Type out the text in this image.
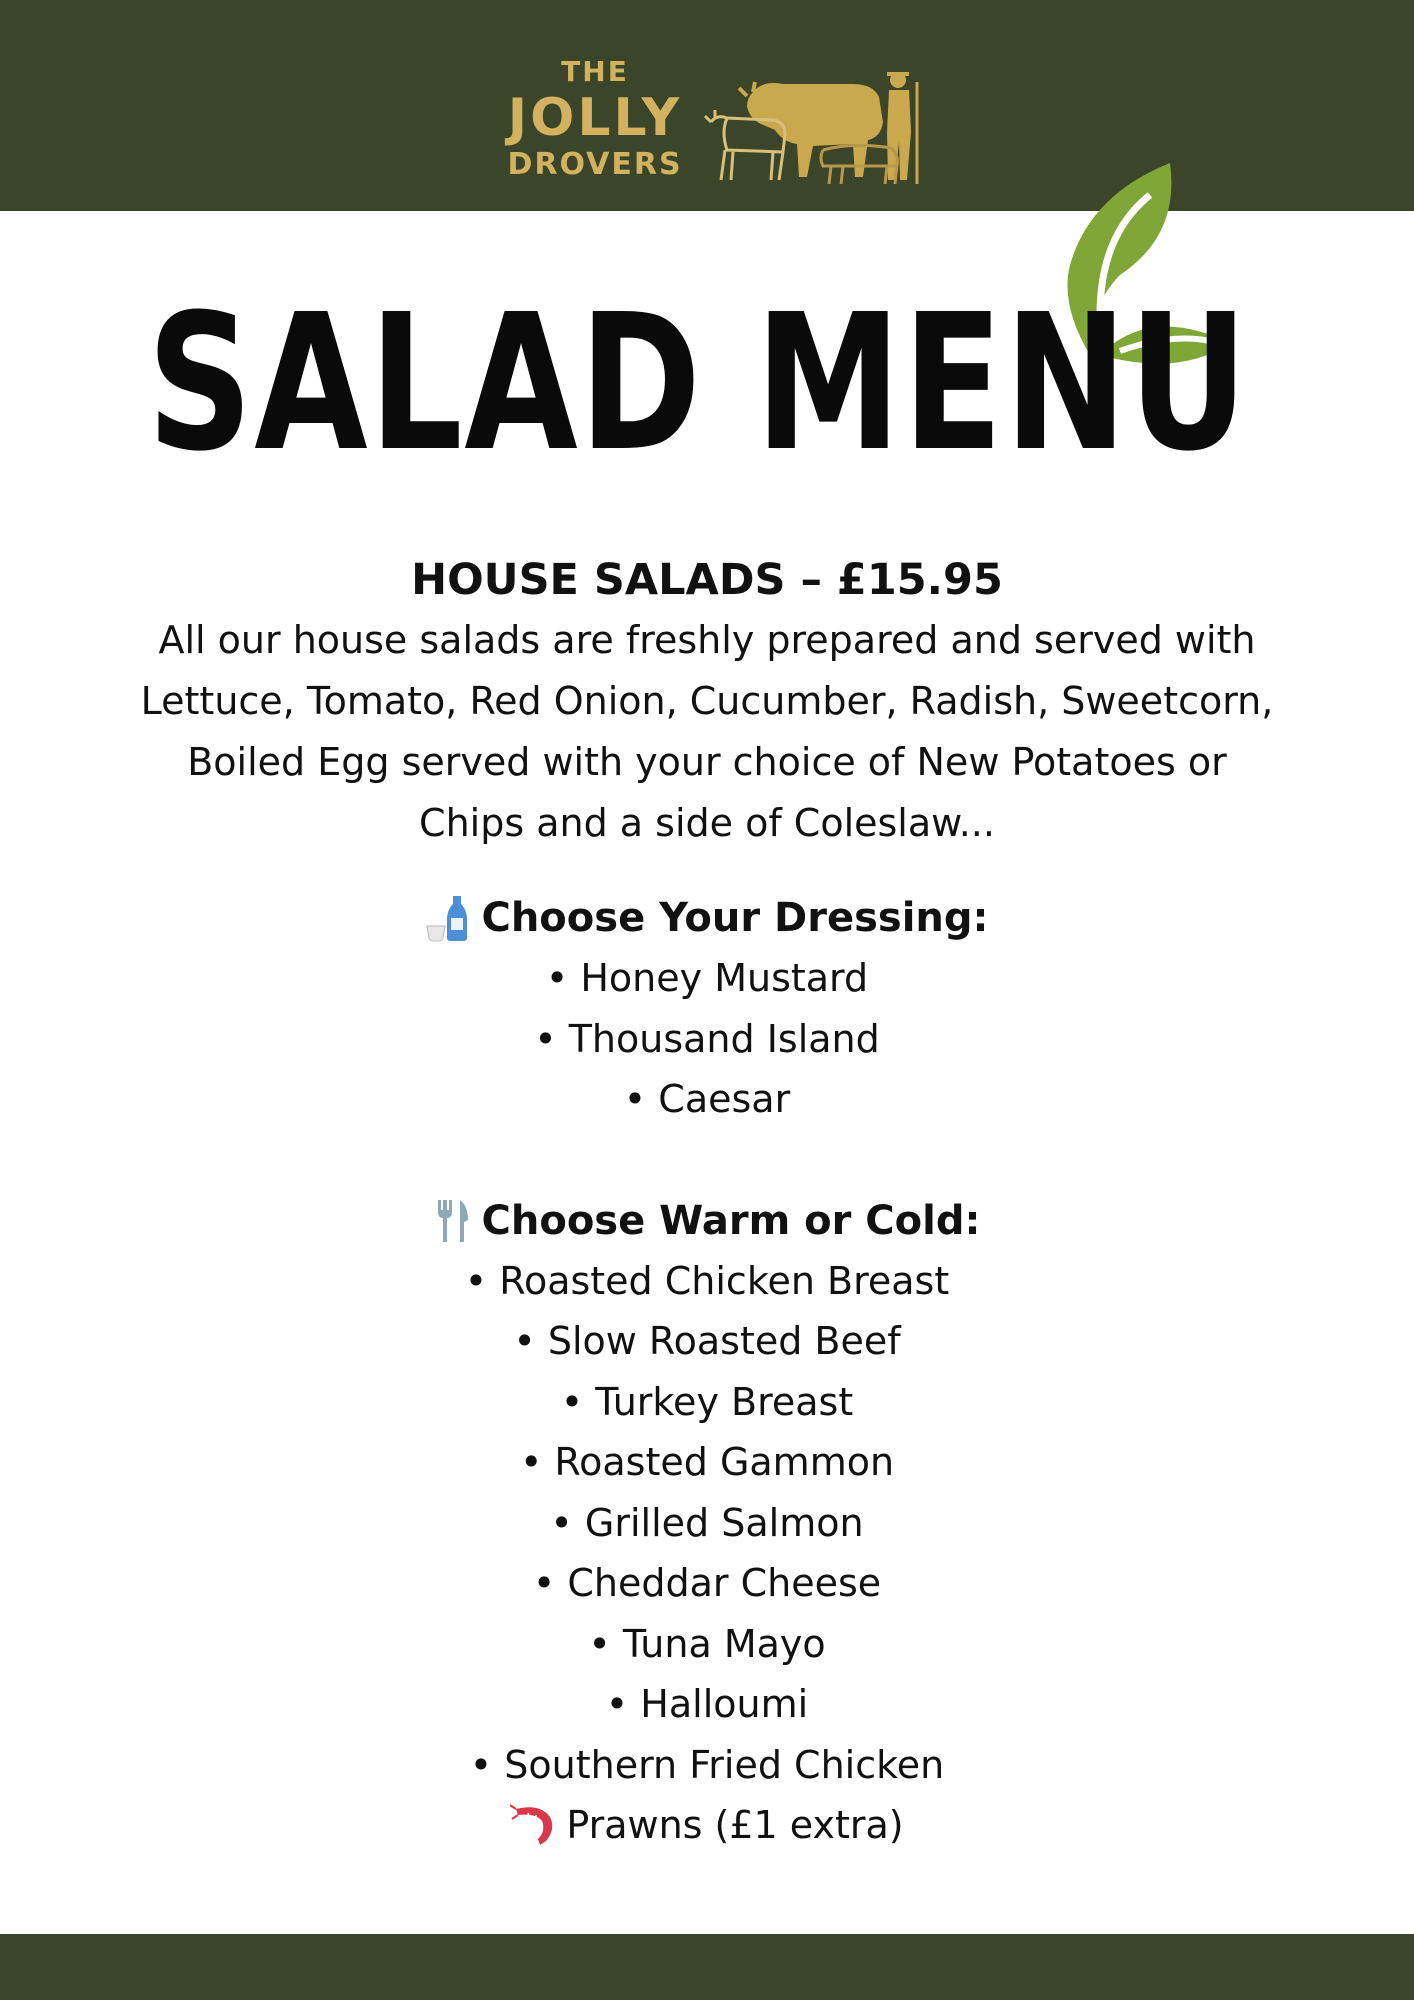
THE
JOLLY
DROVERS
SALAD MENU
HOUSE SALADS – £15.95

All our house salads are freshly prepared and served with Lettuce, Tomato, Red Onion, Cucumber, Radish, Sweetcorn, Boiled Egg served with your choice of New Potatoes or Chips and a side of Coleslaw...

Choose Your Dressing:
• Honey Mustard
• Thousand Island
• Caesar
Choose Warm or Cold:
• Roasted Chicken Breast
• Slow Roasted Beef
• Turkey Breast
• Roasted Gammon
• Grilled Salmon
• Cheddar Cheese
• Tuna Mayo
• Halloumi
• Southern Fried Chicken
Prawns (£1 extra)
